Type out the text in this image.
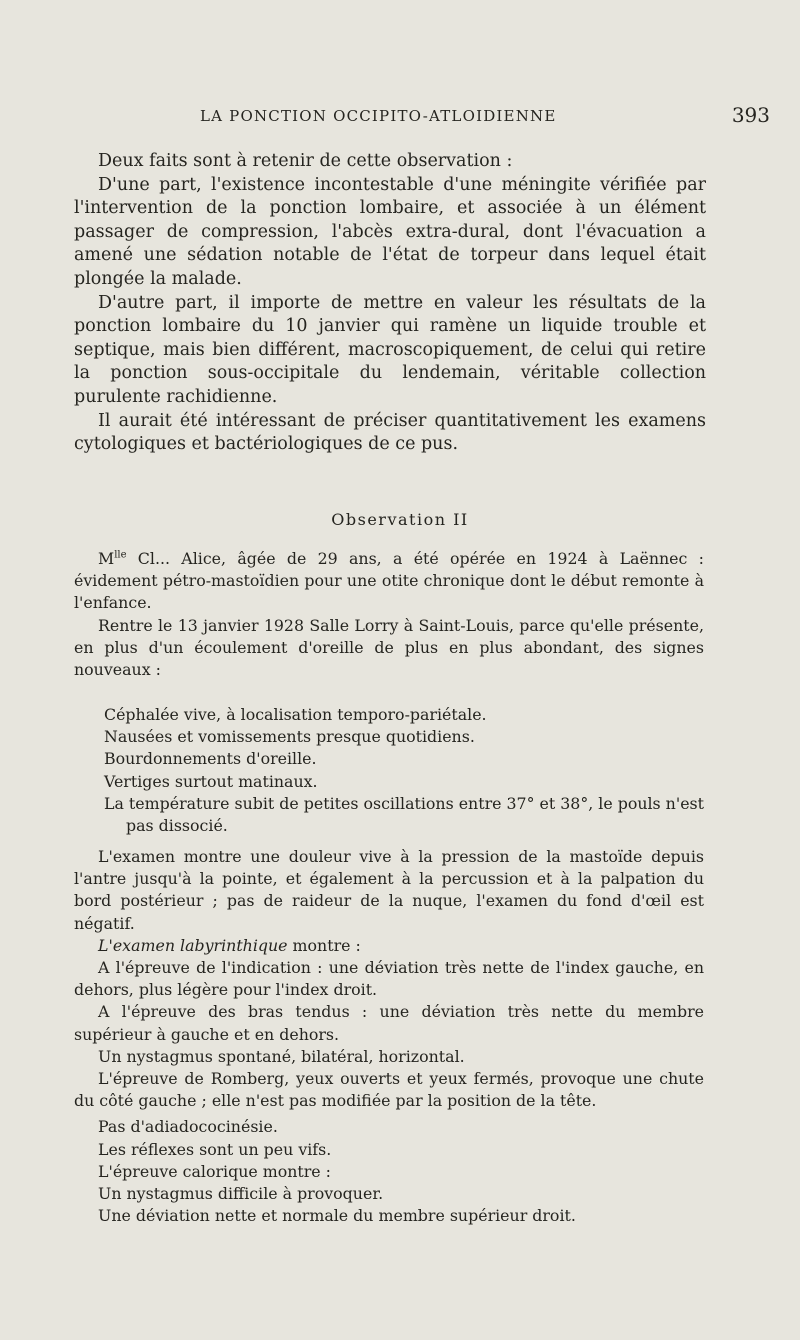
LA PONCTION OCCIPITO-ATLOIDIENNE	393

Deux faits sont à retenir de cette observation :

D'une part, l'existence incontestable d'une méningite vérifiée par l'intervention de la ponction lombaire, et associée à un élément passager de compression, l'abcès extra-dural, dont l'évacuation a amené une sédation notable de l'état de torpeur dans lequel était plongée la malade.

D'autre part, il importe de mettre en valeur les résultats de la ponction lombaire du 10 janvier qui ramène un liquide trouble et septique, mais bien différent, macroscopiquement, de celui qui retire la ponction sous-occipitale du lendemain, véritable collection purulente rachidienne.

Il aurait été intéressant de préciser quantitativement les examens cytologiques et bactériologiques de ce pus.

Observation II

$M^{lle}$ Cl... Alice, âgée de 29 ans, a été opérée en 1924 à Laënnec : évidement pétro-mastoïdien pour une otite chronique dont le début remonte à l'enfance.

Rentre le 13 janvier 1928 Salle Lorry à Saint-Louis, parce qu'elle présente, en plus d'un écoulement d'oreille de plus en plus abondant, des signes nouveaux :

Céphalée vive, à localisation temporo-pariétale.

Nausées et vomissements presque quotidiens.

Bourdonnements d'oreille.

Vertiges surtout matinaux.

La température subit de petites oscillations entre 37° et 38°, le pouls n'est pas dissocié.

L'examen montre une douleur vive à la pression de la mastoïde depuis l'antre jusqu'à la pointe, et également à la percussion et à la palpation du bord postérieur ; pas de raideur de la nuque, l'examen du fond d'œil est négatif.

L'examen labyrinthique montre :

A l'épreuve de l'indication : une déviation très nette de l'index gauche, en dehors, plus légère pour l'index droit.

A l'épreuve des bras tendus : une déviation très nette du membre supérieur à gauche et en dehors.

Un nystagmus spontané, bilatéral, horizontal.

L'épreuve de Romberg, yeux ouverts et yeux fermés, provoque une chute du côté gauche ; elle n'est pas modifiée par la position de la tête.

Pas d'adiadococinésie.

Les réflexes sont un peu vifs.

L'épreuve calorique montre :

Un nystagmus difficile à provoquer.

Une déviation nette et normale du membre supérieur droit.
